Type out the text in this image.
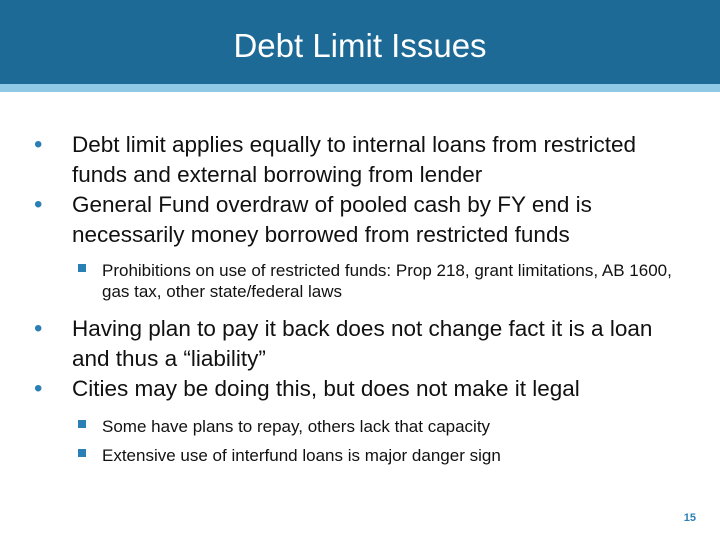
Debt Limit Issues
• Debt limit applies equally to internal loans from restricted funds and external borrowing from lender
• General Fund overdraw of pooled cash by FY end is necessarily money borrowed from restricted funds
Prohibitions on use of restricted funds: Prop 218, grant limitations, AB 1600, gas tax, other state/federal laws
• Having plan to pay it back does not change fact it is a loan and thus a “liability”
• Cities may be doing this, but does not make it legal
Some have plans to repay, others lack that capacity
Extensive use of interfund loans is major danger sign
15
